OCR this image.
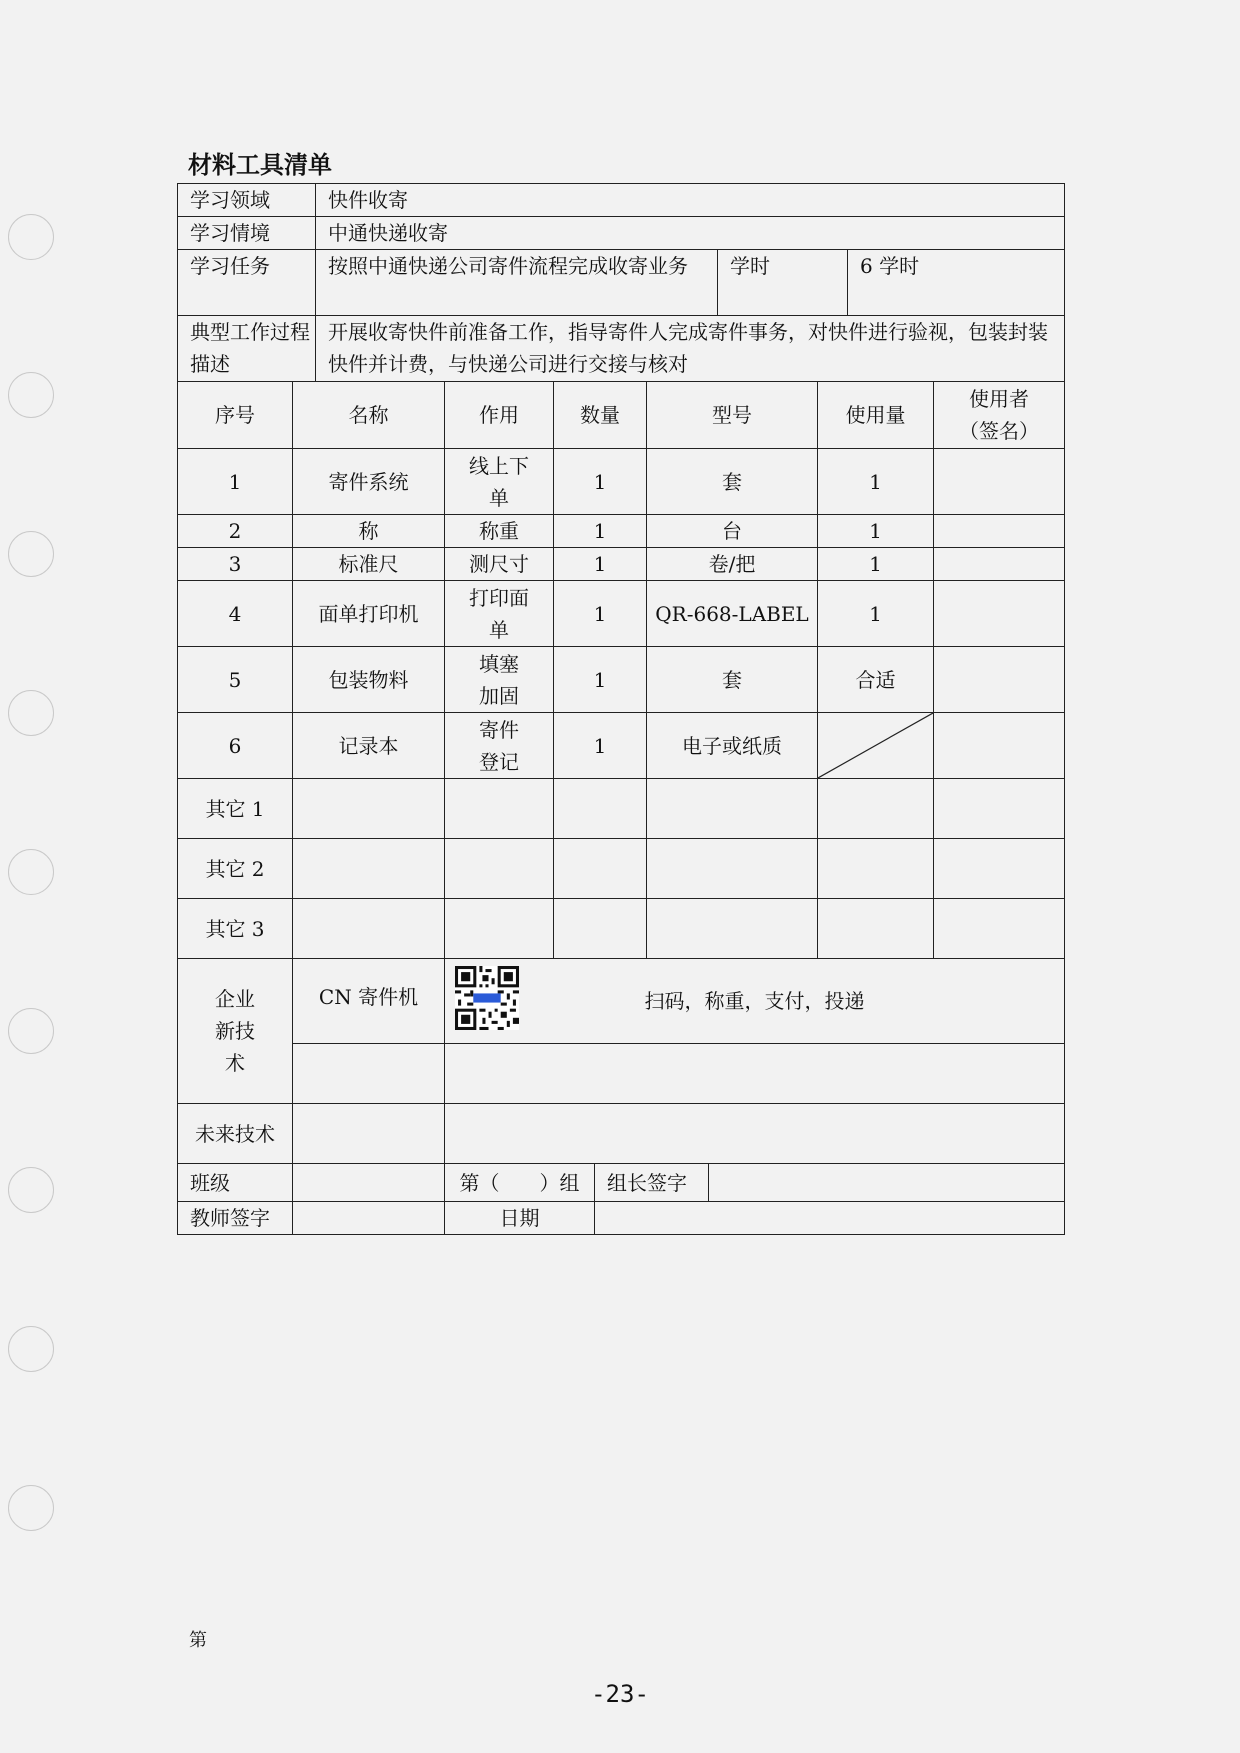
材料工具清单
学习领域	快件收寄		
学习情境	中通快递收寄		
学习任务	按照中通快递公司寄件流程完成收寄业务	学时	6 学时
典型工作过程描述	开展收寄快件前准备工作，指导寄件人完成寄件事务，对快件进行验视，包装封装快件并计费，与快递公司进行交接与核对		
序号	名称	作用	数量	型号	使用量	使用者（签名）
1	寄件系统	线上下单	1	套	1	
2	称	称重	1	台	1	
3	标准尺	测尺寸	1	卷/把	1	
4	面单打印机	打印面单	1	QR-668-LABEL	1	
5	包装物料	填塞加固	1	套	合适	
6	记录本	寄件登记	1	电子或纸质	

其它 1						
其它 2						
其它 3						
企业新技术	CN 寄件机	扫码，称重，支付，投递		

未来技术				
班级		第（　　）组	组长签字	
教师签字		日期		
第
-23-
